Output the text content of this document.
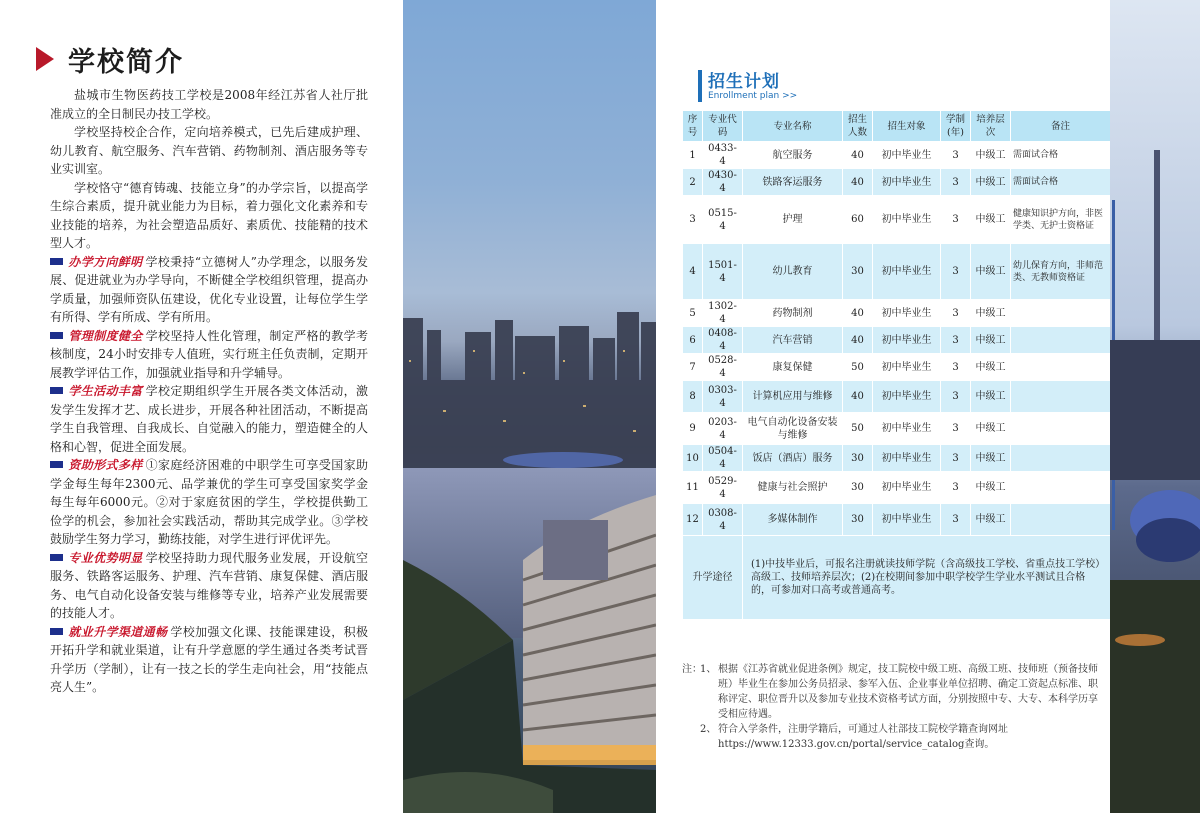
学校简介

盐城市生物医药技工学校是2008年经江苏省人社厅批准成立的全日制民办技工学校。

学校坚持校企合作，定向培养模式，已先后建成护理、幼儿教育、航空服务、汽车营销、药物制剂、酒店服务等专业实训室。

学校恪守“德育铸魂、技能立身”的办学宗旨，以提高学生综合素质，提升就业能力为目标，着力强化文化素养和专业技能的培养，为社会塑造品质好、素质优、技能精的技术型人才。

办学方向鲜明 学校秉持“立德树人”办学理念，以服务发展、促进就业为办学导向，不断健全学校组织管理，提高办学质量，加强师资队伍建设，优化专业设置，让每位学生学有所得、学有所成、学有所用。

管理制度健全 学校坚持人性化管理，制定严格的教学考核制度，24小时安排专人值班，实行班主任负责制，定期开展教学评估工作，加强就业指导和升学辅导。

学生活动丰富 学校定期组织学生开展各类文体活动，激发学生发挥才艺、成长进步，开展各种社团活动，不断提高学生自我管理、自我成长、自觉融入的能力，塑造健全的人格和心智，促进全面发展。

资助形式多样 ①家庭经济困难的中职学生可享受国家助学金每生每年2300元、品学兼优的学生可享受国家奖学金每生每年6000元。②对于家庭贫困的学生，学校提供勤工俭学的机会，参加社会实践活动，帮助其完成学业。③学校鼓励学生努力学习，勤练技能，对学生进行评优评先。

专业优势明显 学校坚持助力现代服务业发展，开设航空服务、铁路客运服务、护理、汽车营销、康复保健、酒店服务、电气自动化设备安装与维修等专业，培养产业发展需要的技能人才。

就业升学渠道通畅 学校加强文化课、技能课建设，积极开拓升学和就业渠道，让有升学意愿的学生通过各类考试晋升学历（学制），让有一技之长的学生走向社会，用“技能点亮人生”。

招生计划
Enrollment plan >>
序号	专业代码	专业名称	招生人数	招生对象	学制(年)	培养层次	备注
1	0433-4	航空服务	40	初中毕业生	3	中级工	需面试合格
2	0430-4	铁路客运服务	40	初中毕业生	3	中级工	需面试合格
3	0515-4	护理	60	初中毕业生	3	中级工	健康知识护方向，非医学类、无护士资格证
4	1501-4	幼儿教育	30	初中毕业生	3	中级工	幼儿保育方向，非师范类、无教师资格证
5	1302-4	药物制剂	40	初中毕业生	3	中级工	
6	0408-4	汽车营销	40	初中毕业生	3	中级工	
7	0528-4	康复保健	50	初中毕业生	3	中级工	
8	0303-4	计算机应用与维修	40	初中毕业生	3	中级工	
9	0203-4	电气自动化设备安装与维修	50	初中毕业生	3	中级工	
10	0504-4	饭店（酒店）服务	30	初中毕业生	3	中级工	
11	0529-4	健康与社会照护	30	初中毕业生	3	中级工	
12	0308-4	多媒体制作	30	初中毕业生	3	中级工	
升学途径		(1)中技毕业后，可报名注册就读技师学院（含高级技工学校、省重点技工学校）高级工、技师培养层次；(2)在校期间参加中职学校学生学业水平测试且合格的，可参加对口高考或普通高考。					
注：
1、 根据《江苏省就业促进条例》规定，技工院校中级工班、高级工班、技师班（预备技师班）毕业生在参加公务员招录、参军入伍、企业事业单位招聘、确定工资起点标准、职称评定、职位晋升以及参加专业技术资格考试方面，分别按照中专、大专、本科学历享受相应待遇。
2、 符合入学条件，注册学籍后，可通过人社部技工院校学籍查询网址https://www.12333.gov.cn/portal/service_catalog查询。
